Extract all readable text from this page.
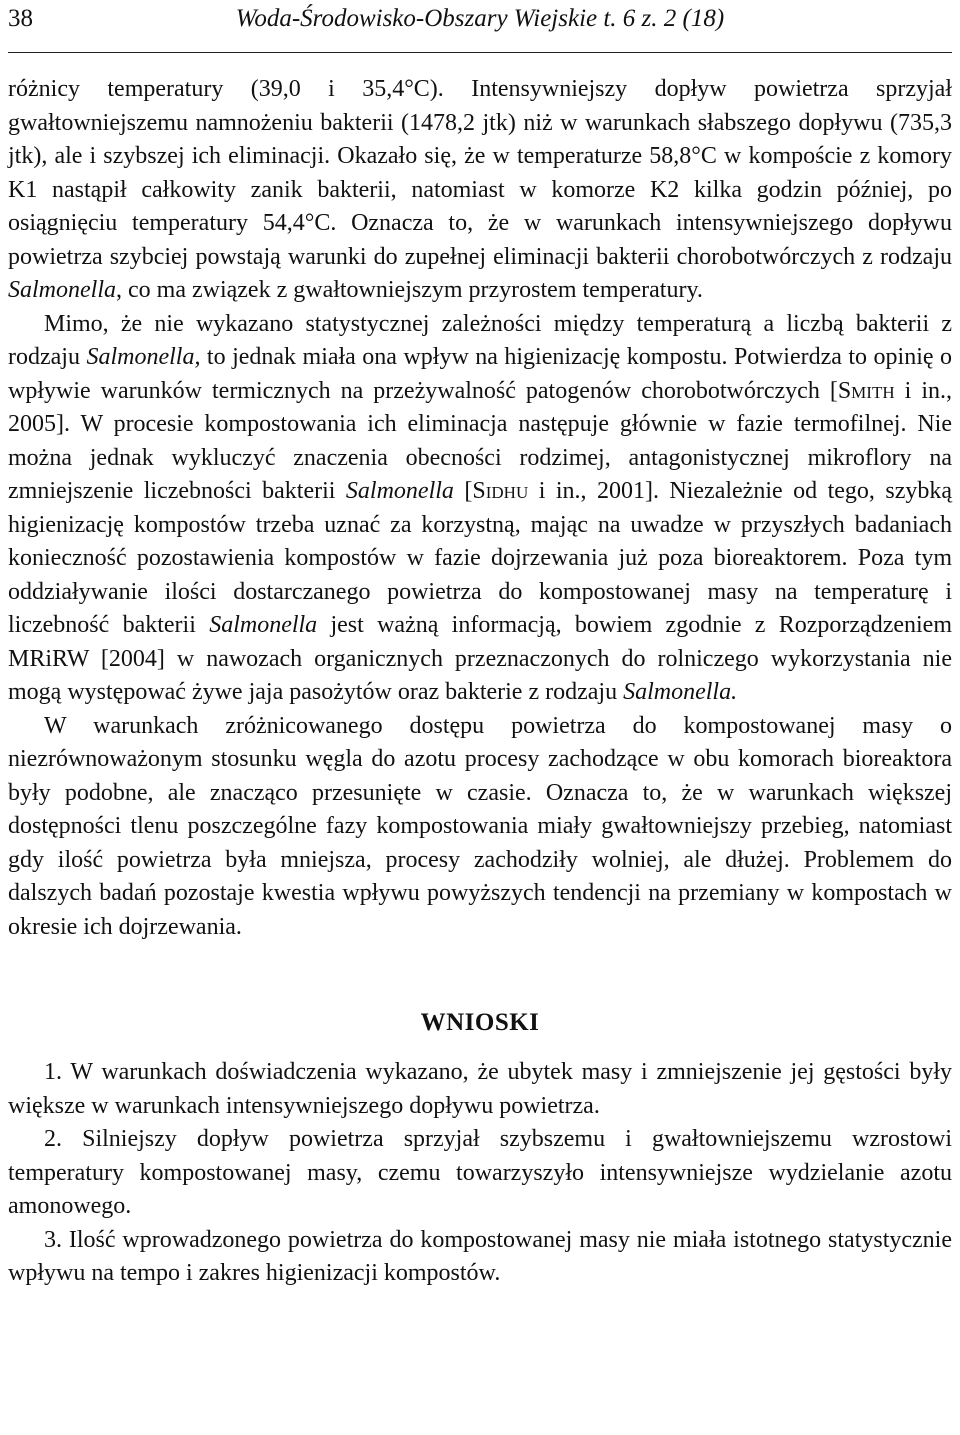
38	Woda-Środowisko-Obszary Wiejskie t. 6 z. 2 (18)

różnicy temperatury (39,0 i 35,4°C). Intensywniejszy dopływ powietrza sprzyjał gwałtowniejszemu namnożeniu bakterii (1478,2 jtk) niż w warunkach słabszego dopływu (735,3 jtk), ale i szybszej ich eliminacji. Okazało się, że w temperaturze 58,8°C w kompoście z komory K1 nastąpił całkowity zanik bakterii, natomiast w komorze K2 kilka godzin później, po osiągnięciu temperatury 54,4°C. Oznacza to, że w warunkach intensywniejszego dopływu powietrza szybciej powstają warunki do zupełnej eliminacji bakterii chorobotwórczych z rodzaju Salmonella, co ma związek z gwałtowniejszym przyrostem temperatury.

Mimo, że nie wykazano statystycznej zależności między temperaturą a liczbą bakterii z rodzaju Salmonella, to jednak miała ona wpływ na higienizację kompostu. Potwierdza to opinię o wpływie warunków termicznych na przeżywalność patogenów chorobotwórczych [Smith i in., 2005]. W procesie kompostowania ich eliminacja następuje głównie w fazie termofilnej. Nie można jednak wykluczyć znaczenia obecności rodzimej, antagonistycznej mikroflory na zmniejszenie liczebności bakterii Salmonella [Sidhu i in., 2001]. Niezależnie od tego, szybką higienizację kompostów trzeba uznać za korzystną, mając na uwadze w przyszłych badaniach konieczność pozostawienia kompostów w fazie dojrzewania już poza bioreaktorem. Poza tym oddziaływanie ilości dostarczanego powietrza do kompostowanej masy na temperaturę i liczebność bakterii Salmonella jest ważną informacją, bowiem zgodnie z Rozporządzeniem MRiRW [2004] w nawozach organicznych przeznaczonych do rolniczego wykorzystania nie mogą występować żywe jaja pasożytów oraz bakterie z rodzaju Salmonella.

W warunkach zróżnicowanego dostępu powietrza do kompostowanej masy o niezrównoważonym stosunku węgla do azotu procesy zachodzące w obu komorach bioreaktora były podobne, ale znacząco przesunięte w czasie. Oznacza to, że w warunkach większej dostępności tlenu poszczególne fazy kompostowania miały gwałtowniejszy przebieg, natomiast gdy ilość powietrza była mniejsza, procesy zachodziły wolniej, ale dłużej. Problemem do dalszych badań pozostaje kwestia wpływu powyższych tendencji na przemiany w kompostach w okresie ich dojrzewania.

WNIOSKI

1. W warunkach doświadczenia wykazano, że ubytek masy i zmniejszenie jej gęstości były większe w warunkach intensywniejszego dopływu powietrza.

2. Silniejszy dopływ powietrza sprzyjał szybszemu i gwałtowniejszemu wzrostowi temperatury kompostowanej masy, czemu towarzyszyło intensywniejsze wydzielanie azotu amonowego.

3. Ilość wprowadzonego powietrza do kompostowanej masy nie miała istotnego statystycznie wpływu na tempo i zakres higienizacji kompostów.
